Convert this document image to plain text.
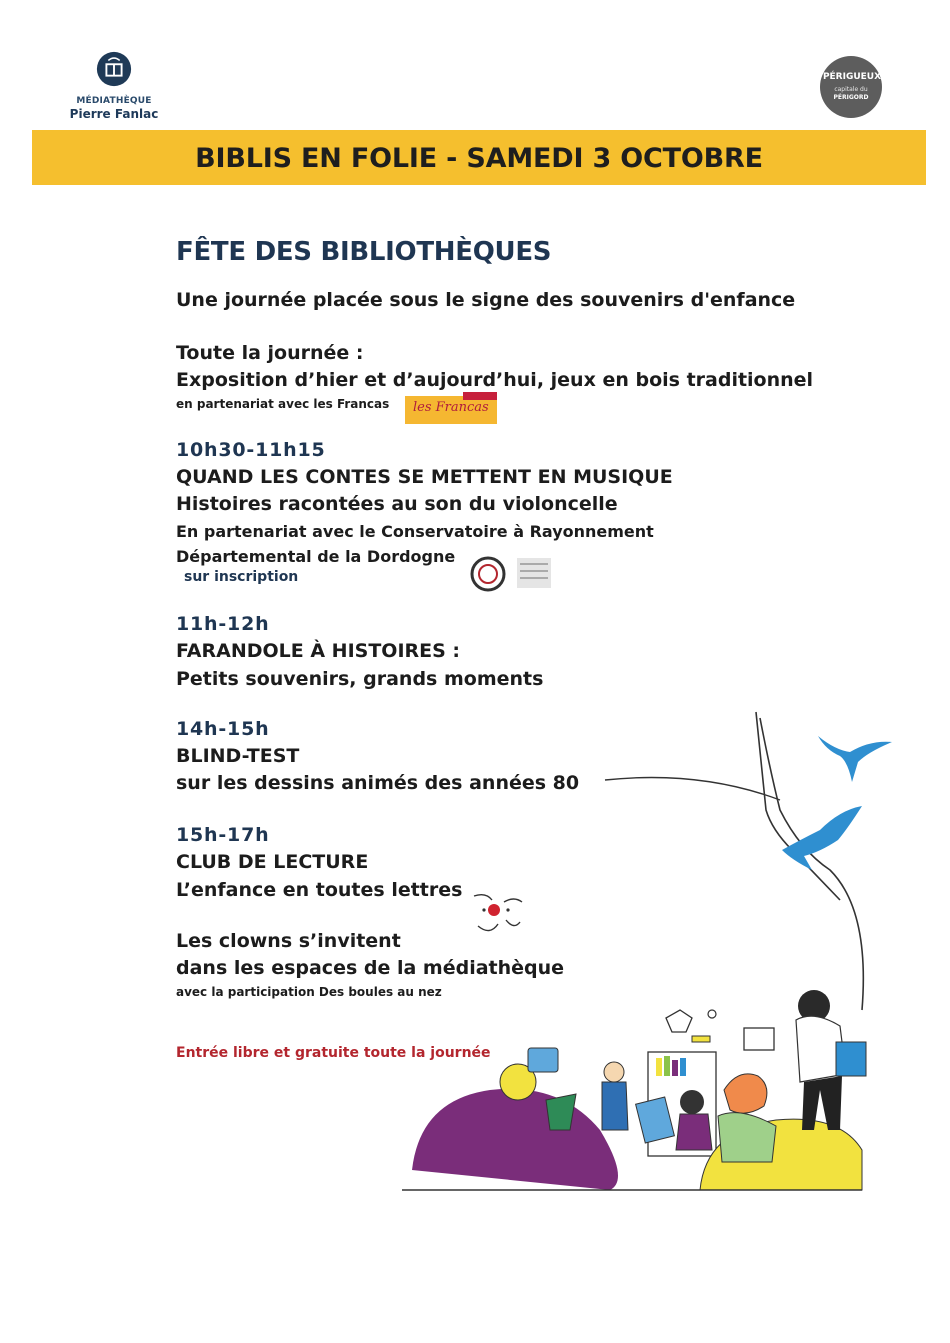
MÉDIATHÈQUE
Pierre Fanlac
PÉRIGUEUX
capitale du
PÉRIGORD
BIBLIS EN FOLIE - SAMEDI 3 OCTOBRE
FÊTE DES BIBLIOTHÈQUES
Une journée placée sous le signe des souvenirs d'enfance
Toute la journée :
Exposition d’hier et d’aujourd’hui, jeux en bois traditionnel
en partenariat avec les Francas les Francas
10h30-11h15
QUAND LES CONTES SE METTENT EN MUSIQUE
Histoires racontées au son du violoncelle
En partenariat avec le Conservatoire à Rayonnement
Départemental de la Dordogne
sur inscription
11h-12h
FARANDOLE À HISTOIRES :
Petits souvenirs, grands moments
14h-15h
BLIND-TEST
sur les dessins animés des années 80
15h-17h
CLUB DE LECTURE
L’enfance en toutes lettres
Les clowns s’invitent
dans les espaces de la médiathèque
avec la participation Des boules au nez
Entrée libre et gratuite toute la journée
